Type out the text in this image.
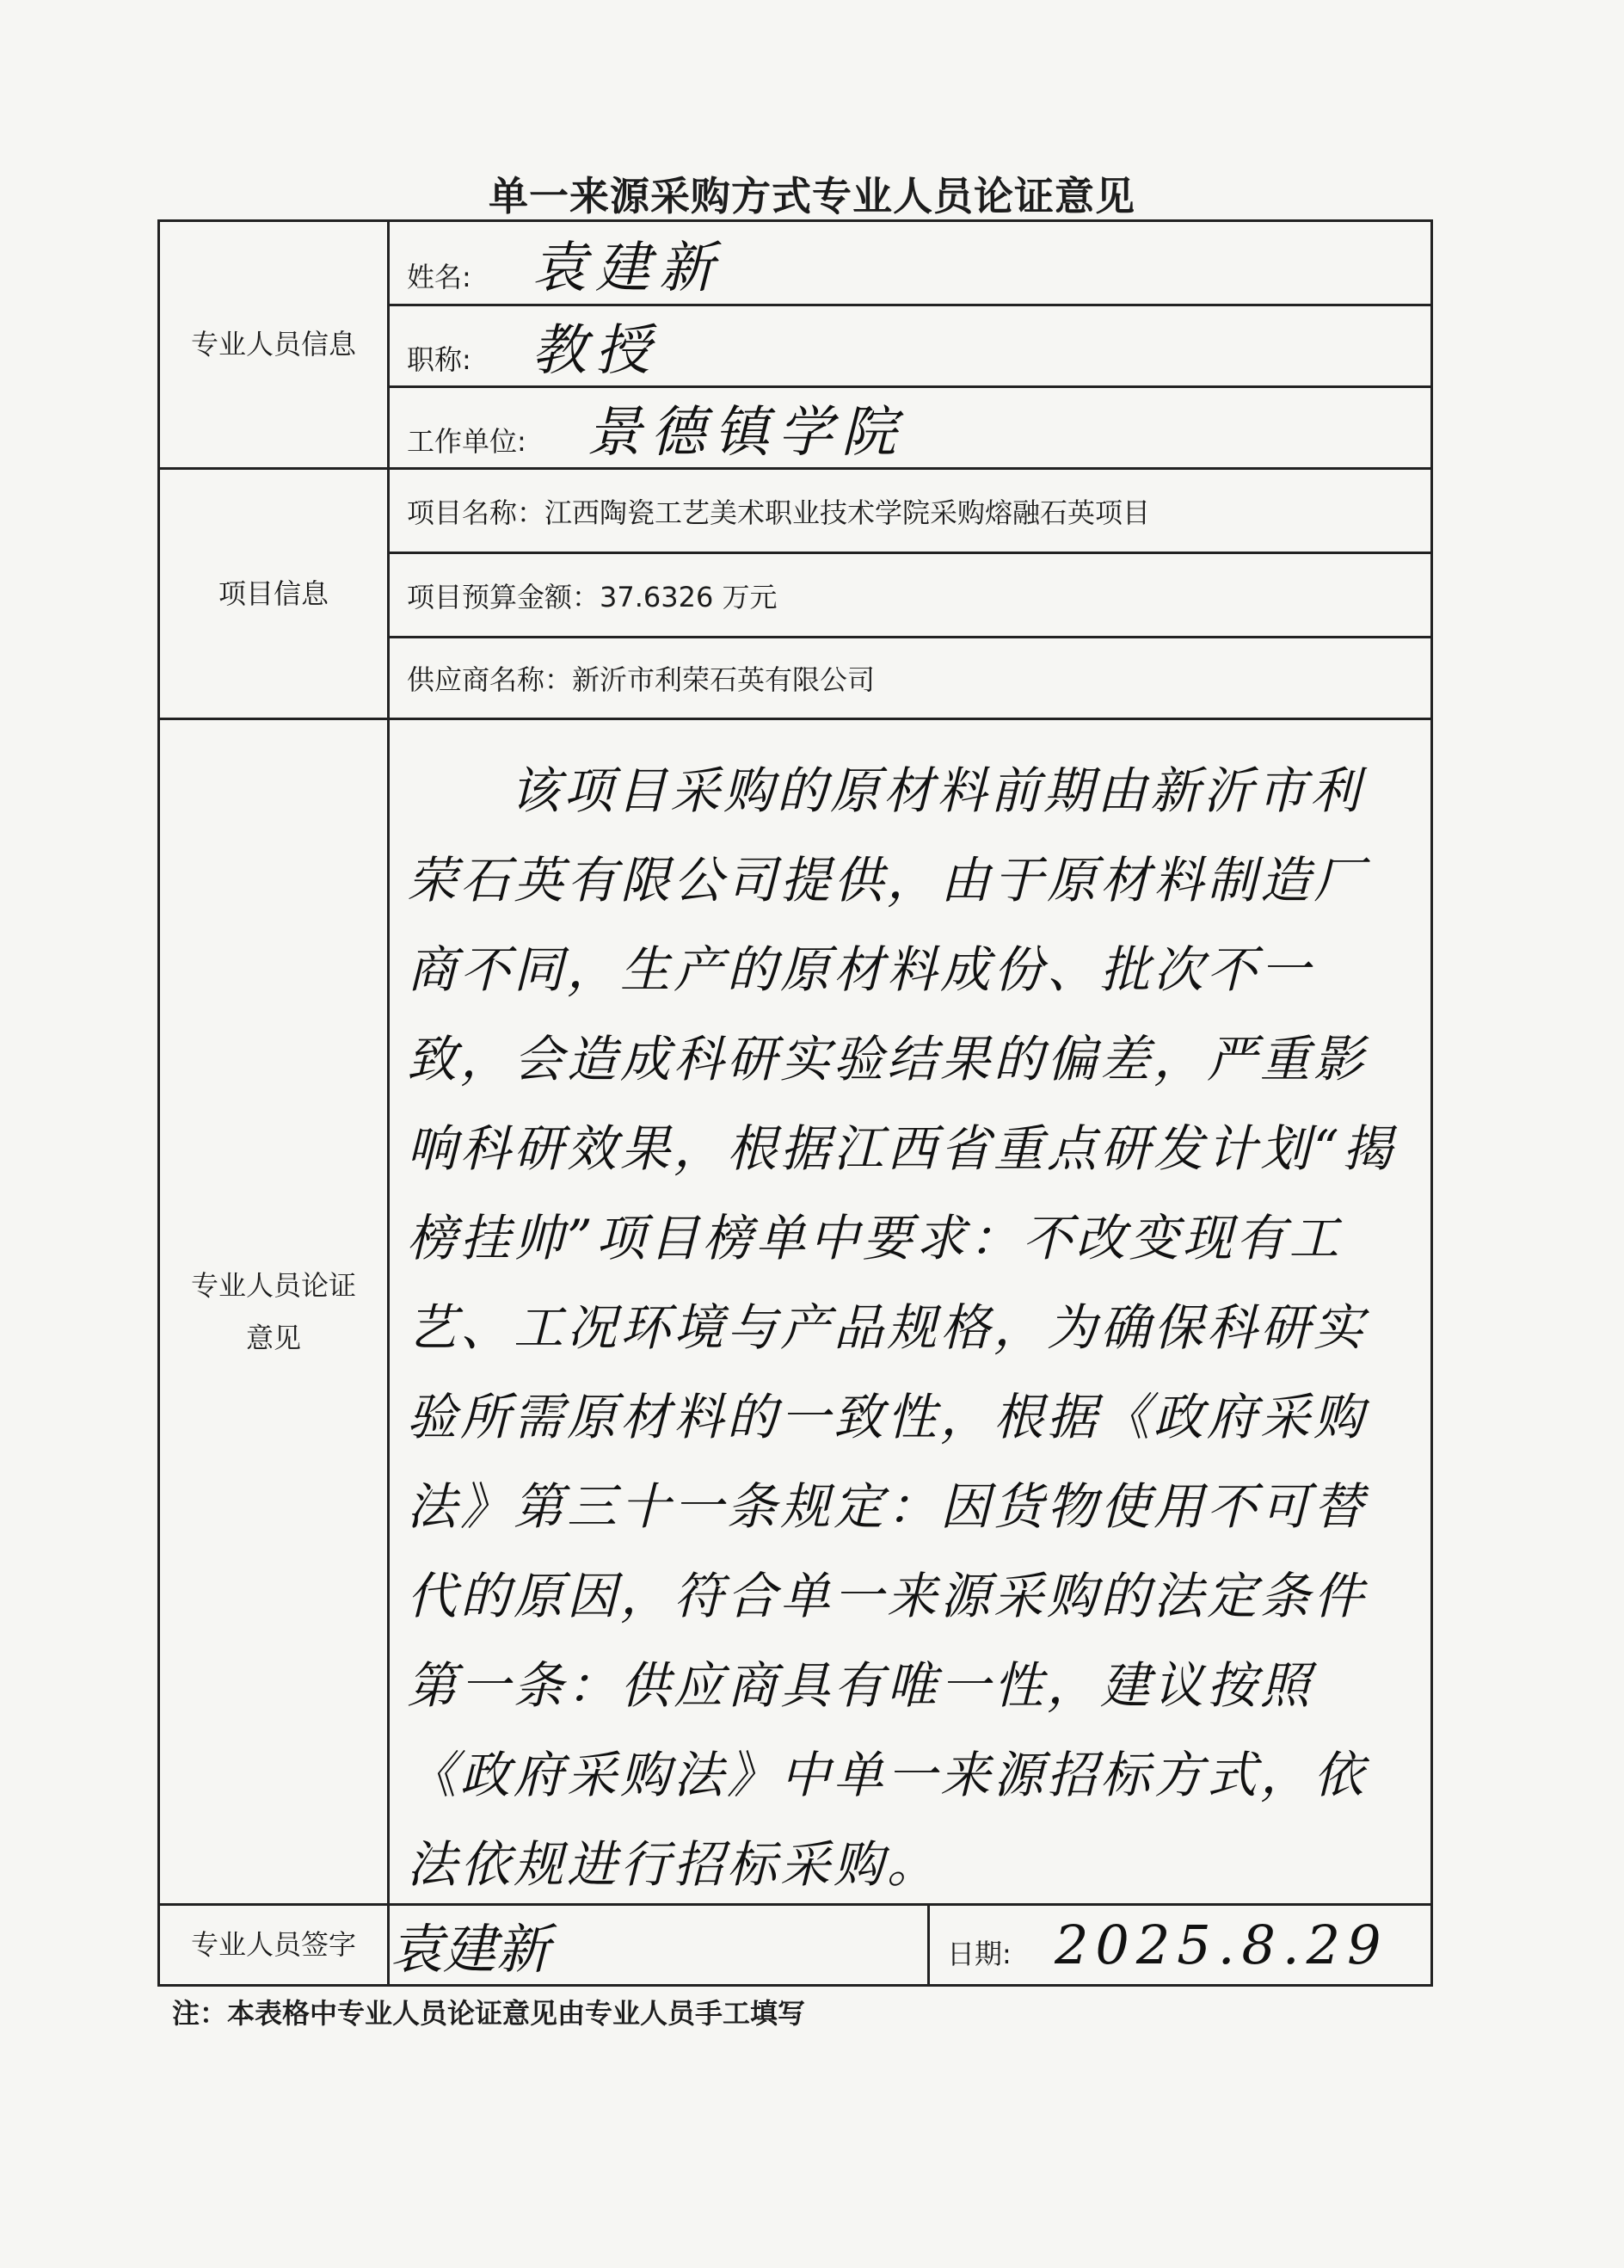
单一来源采购方式专业人员论证意见
专业人员信息	姓名: 袁建新	
	职称: 教授	
	工作单位: 景德镇学院	
项目信息	项目名称：江西陶瓷工艺美术职业技术学院采购熔融石英项目	
	项目预算金额：37.6326 万元	
	供应商名称：新沂市利荣石英有限公司	

专业人员论证
意见	该项目采购的原材料前期由新沂市利荣石英有限公司提供，由于原材料制造厂商不同，生产的原材料成份、批次不一致，会造成科研实验结果的偏差，严重影响科研效果，根据江西省重点研发计划“揭榜挂帅”项目榜单中要求：不改变现有工艺、工况环境与产品规格，为确保科研实验所需原材料的一致性，根据《政府采购法》第三十一条规定：因货物使用不可替代的原因，符合单一来源采购的法定条件第一条：供应商具有唯一性，建议按照《政府采购法》中单一来源招标方式，依法依规进行招标采购。	

专业人员签字	袁建新	日期: 2025.8.29
注：本表格中专业人员论证意见由专业人员手工填写
